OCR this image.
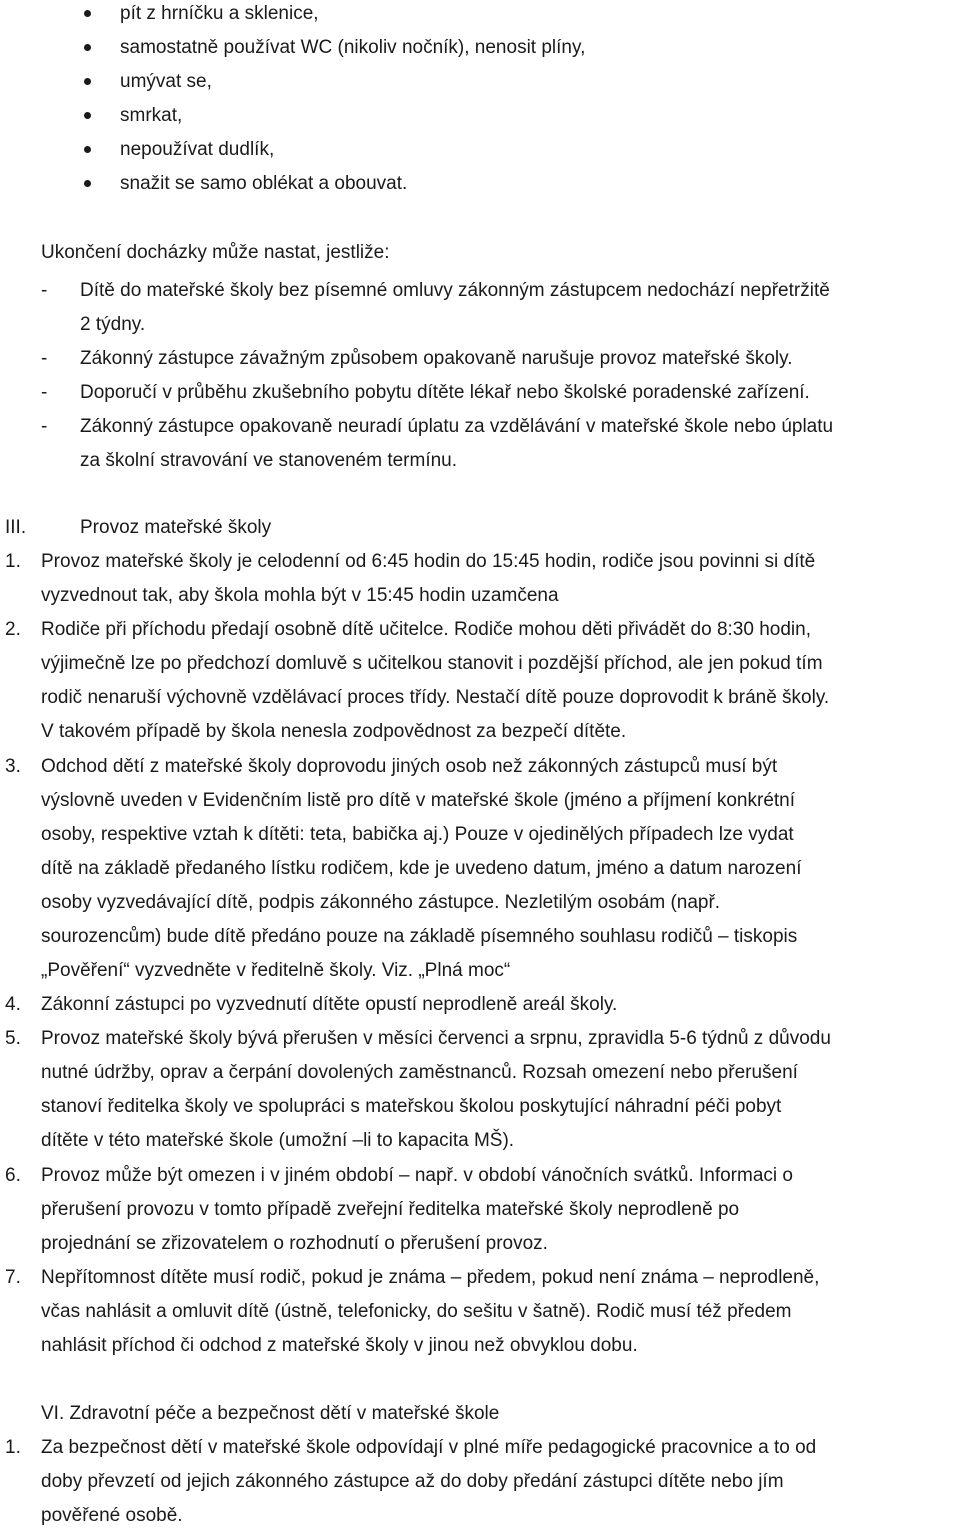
pít z hrníčku a sklenice,
samostatně používat WC (nikoliv nočník), nenosit plíny,
umývat se,
smrkat,
nepoužívat dudlík,
snažit se samo oblékat a obouvat.
Ukončení docházky může nastat, jestliže:
- Dítě do mateřské školy bez písemné omluvy zákonným zástupcem nedochází nepřetržitě
2 týdny.
- Zákonný zástupce závažným způsobem opakovaně narušuje provoz mateřské školy.
- Doporučí v průběhu zkušebního pobytu dítěte lékař nebo školské poradenské zařízení.
- Zákonný zástupce opakovaně neuradí úplatu za vzdělávání v mateřské škole nebo úplatu
za školní stravování ve stanoveném termínu.
III.	Provoz mateřské školy
1. Provoz mateřské školy je celodenní od 6:45 hodin do 15:45 hodin, rodiče jsou povinni si dítě
vyzvednout tak, aby škola mohla být v 15:45 hodin uzamčena
2. Rodiče při příchodu předají osobně dítě učitelce. Rodiče mohou děti přivádět do 8:30 hodin,
výjimečně lze po předchozí domluvě s učitelkou stanovit i pozdější příchod, ale jen pokud tím
rodič nenaruší výchovně vzdělávací proces třídy. Nestačí dítě pouze doprovodit k bráně školy.
V takovém případě by škola nenesla zodpovědnost za bezpečí dítěte.
3. Odchod dětí z mateřské školy doprovodu jiných osob než zákonných zástupců musí být
výslovně uveden v Evidenčním listě pro dítě v mateřské škole (jméno a příjmení konkrétní
osoby, respektive vztah k dítěti: teta, babička aj.) Pouze v ojedinělých případech lze vydat
dítě na základě předaného lístku rodičem, kde je uvedeno datum, jméno a datum narození
osoby vyzvedávající dítě, podpis zákonného zástupce. Nezletilým osobám (např.
sourozencům) bude dítě předáno pouze na základě písemného souhlasu rodičů – tiskopis
„Pověření“ vyzvedněte v ředitelně školy. Viz. „Plná moc“
4. Zákonní zástupci po vyzvednutí dítěte opustí neprodleně areál školy.
5. Provoz mateřské školy bývá přerušen v měsíci červenci a srpnu, zpravidla 5-6 týdnů z důvodu
nutné údržby, oprav a čerpání dovolených zaměstnanců. Rozsah omezení nebo přerušení
stanoví ředitelka školy ve spolupráci s mateřskou školou poskytující náhradní péči pobyt
dítěte v této mateřské škole (umožní –li to kapacita MŠ).
6. Provoz může být omezen i v jiném období – např. v období vánočních svátků. Informaci o
přerušení provozu v tomto případě zveřejní ředitelka mateřské školy neprodleně po
projednání se zřizovatelem o rozhodnutí o přerušení provoz.
7. Nepřítomnost dítěte musí rodič, pokud je známa – předem, pokud není známa – neprodleně,
včas nahlásit a omluvit dítě (ústně, telefonicky, do sešitu v šatně). Rodič musí též předem
nahlásit příchod či odchod z mateřské školy v jinou než obvyklou dobu.
VI. Zdravotní péče a bezpečnost dětí v mateřské škole
1. Za bezpečnost dětí v mateřské škole odpovídají v plné míře pedagogické pracovnice a to od
doby převzetí od jejich zákonného zástupce až do doby předání zástupci dítěte nebo jím
pověřené osobě.
